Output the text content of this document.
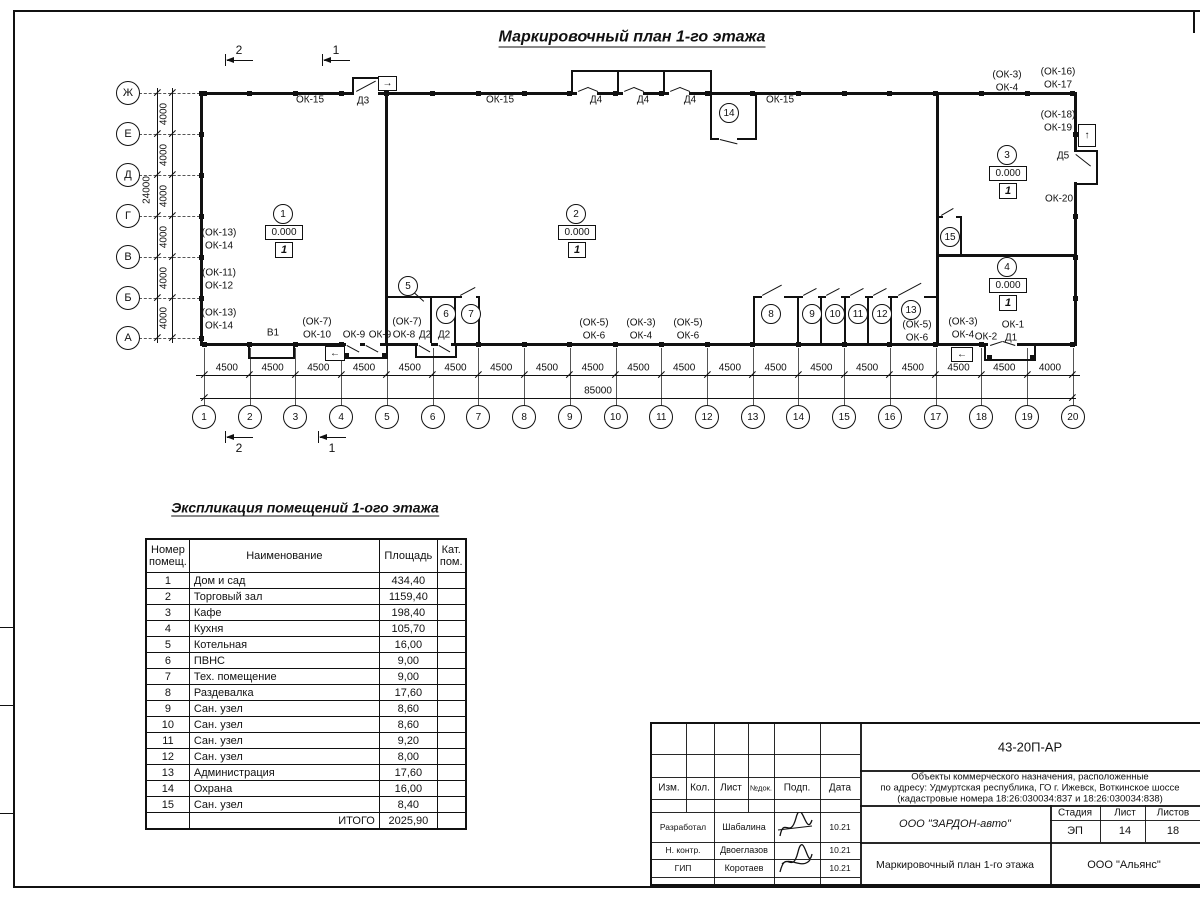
Маркировочный план 1-го этажа
4500 4500 4500 4500 4500 4500 4500 4500 4500 4500 4500 4500 4500 4500 4500 4500 4500 4500 4000
85000
4000
4000
4000
4000
4000
4000
24000
Ж
Е
Д
Г
В
Б
А
1	2	3	4	5	6	7	8	9	10	11	12	13	14	15	16	17	18	19	20
1
0.000
1
2
0.000
1
3
0.000
1
4
0.000
1
5
6	7	8	9	10	11	12	13
14
15
ОК-15	Д3	ОК-15	Д4	Д4	Д4	ОК-15
(ОК-3)
ОК-4
(ОК-16)
ОК-17
(ОК-18)
ОК-19
Д5
ОК-20
(ОК-13)
ОК-14
(ОК-11)
ОК-12
(ОК-13)
ОК-14
В1
(ОК-7)
ОК-10 ОК-9 ОК-9
(ОК-7)
ОК-8 Д2 Д2
(ОК-5)
ОК-6
(ОК-3)
ОК-4
(ОК-5)
ОК-6
(ОК-5)
ОК-6
(ОК-3)
ОК-4 ОК-2
ОК-1
Д1
→
↑
←	←
2	1
2	1
Экспликация помещений 1-ого этажа
Номер помещ.	Наименование	Площадь	Кат. пом.
1	Дом и сад	434,40	
2	Торговый зал	1159,40	
3	Кафе	198,40	
4	Кухня	105,70	
5	Котельная	16,00	
6	ПВНС	9,00	
7	Тех. помещение	9,00	
8	Раздевалка	17,60	
9	Сан. узел	8,60	
10	Сан. узел	8,60	
11	Сан. узел	9,20	
12	Сан. узел	8,00	
13	Администрация	17,60	
14	Охрана	16,00	
15	Сан. узел	8,40	
	ИТОГО	2025,90	
43-20П-АР
ООО "ЗАРДОН-авто"
Маркировочный план 1-го этажа	ООО "Альянс"
Изм. Кол. Лист №док. Подп. Дата
Разработал Шабалина	10.21
Н. контр. Двоеглазов	10.21
ГИП	Коротаев	10.21
Объекты коммерческого назначения, расположенные
по адресу: Удмуртская республика, ГО г. Ижевск, Воткинское шоссе
(кадастровые номера 18:26:030034:837 и 18:26:030034:838)
Стадия Лист Листов
ЭП	14	18
